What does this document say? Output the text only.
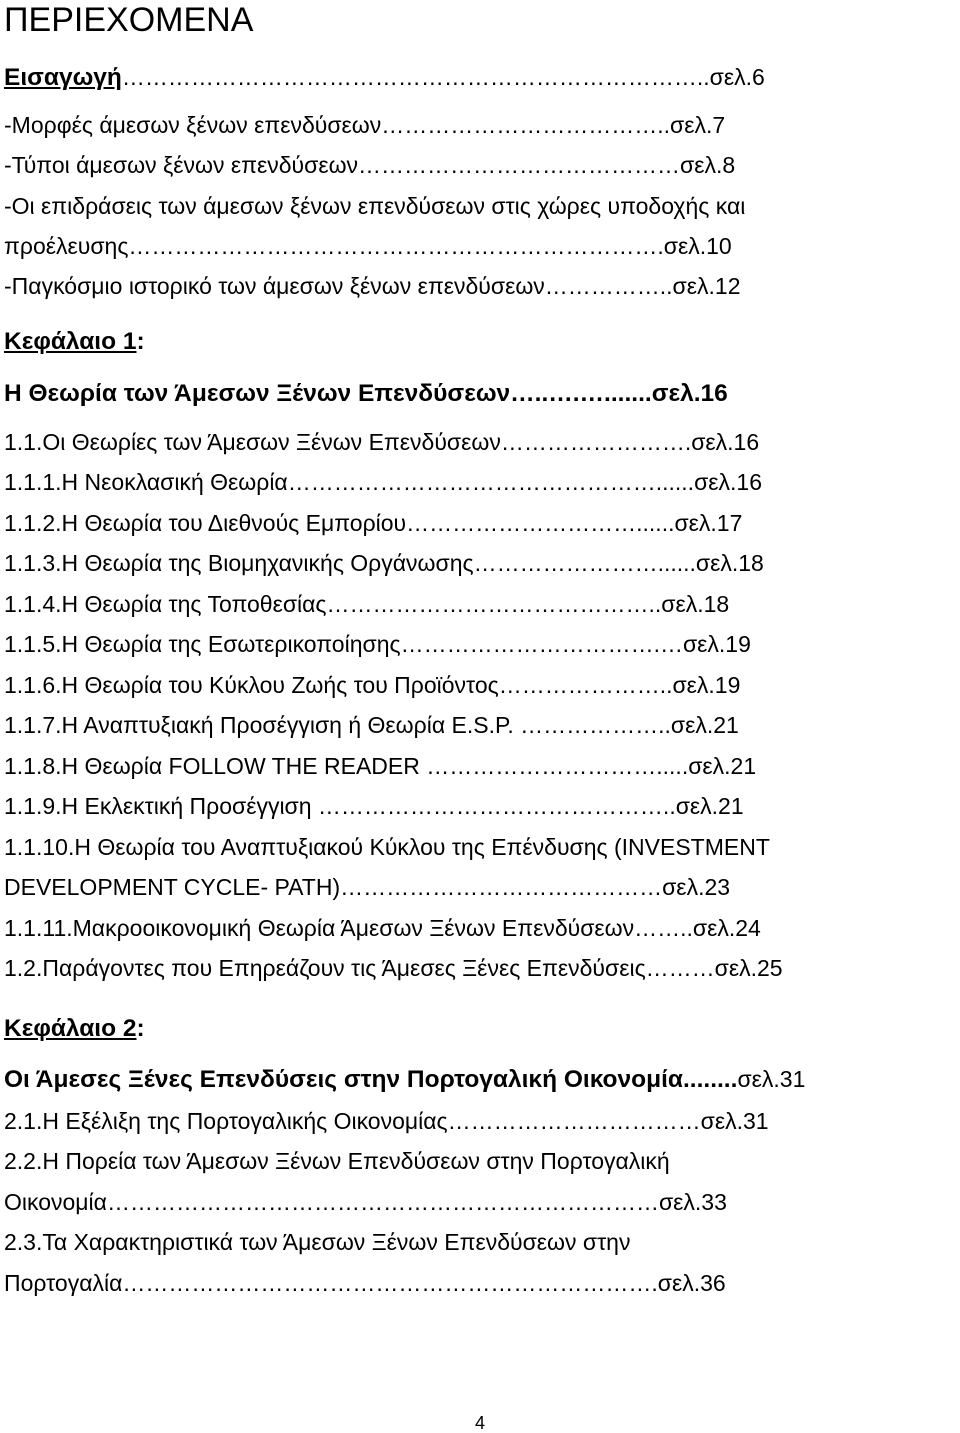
ΠΕΡΙΕΧΟΜΕΝΑ
Εισαγωγή…………………………………………………………………..σελ.6
-Μορφές άμεσων ξένων επενδύσεων………………………………..σελ.7
-Τύποι άμεσων ξένων επενδύσεων……………………………………σελ.8
-Οι επιδράσεις των άμεσων ξένων επενδύσεων στις χώρες υποδοχής και
προέλευσης…………………………………………………………….σελ.10
-Παγκόσμιο ιστορικό των άμεσων ξένων επενδύσεων……………..σελ.12
Κεφάλαιο 1:
Η Θεωρία των Άμεσων Ξένων Επενδύσεων…..….….......σελ.16
1.1.Οι Θεωρίες των Άμεσων Ξένων Επενδύσεων…………………….σελ.16
1.1.1.Η Νεοκλασική Θεωρία…………………………………………......σελ.16
1.1.2.Η Θεωρία του Διεθνούς Εμπορίου…………………………......σελ.17
1.1.3.Η Θεωρία της Βιομηχανικής Οργάνωσης……………………......σελ.18
1.1.4.Η Θεωρία της Τοποθεσίας……………………………………..σελ.18
1.1.5.Η Θεωρία της Εσωτερικοποίησης…………………………….…σελ.19
1.1.6.Η Θεωρία του Κύκλου Ζωής του Προϊόντος…………………..σελ.19
1.1.7.Η Αναπτυξιακή Προσέγγιση ή Θεωρία E.S.P. ………………..σελ.21
1.1.8.Η Θεωρία FOLLOW THE READER ………………………….....σελ.21
1.1.9.Η Εκλεκτική Προσέγγιση ………………………………………..σελ.21
1.1.10.Η Θεωρία του Αναπτυξιακού Κύκλου της Επένδυσης (INVESTMENT
DEVELOPMENT CYCLE- PATH)……………………………………σελ.23
1.1.11.Μακροοικονομική Θεωρία Άμεσων Ξένων Επενδύσεων……..σελ.24
1.2.Παράγοντες που Επηρεάζουν τις Άμεσες Ξένες Επενδύσεις………σελ.25
Κεφάλαιο 2:
Οι Άμεσες Ξένες Επενδύσεις στην Πορτογαλική Οικονομία........σελ.31
2.1.Η Εξέλιξη της Πορτογαλικής Οικονομίας……………………………σελ.31
2.2.Η Πορεία των Άμεσων Ξένων Επενδύσεων στην Πορτογαλική
Οικονομία………………………………………………………………σελ.33
2.3.Τα Χαρακτηριστικά των Άμεσων Ξένων Επενδύσεων στην
Πορτογαλία…………………………………………………………….σελ.36
4
